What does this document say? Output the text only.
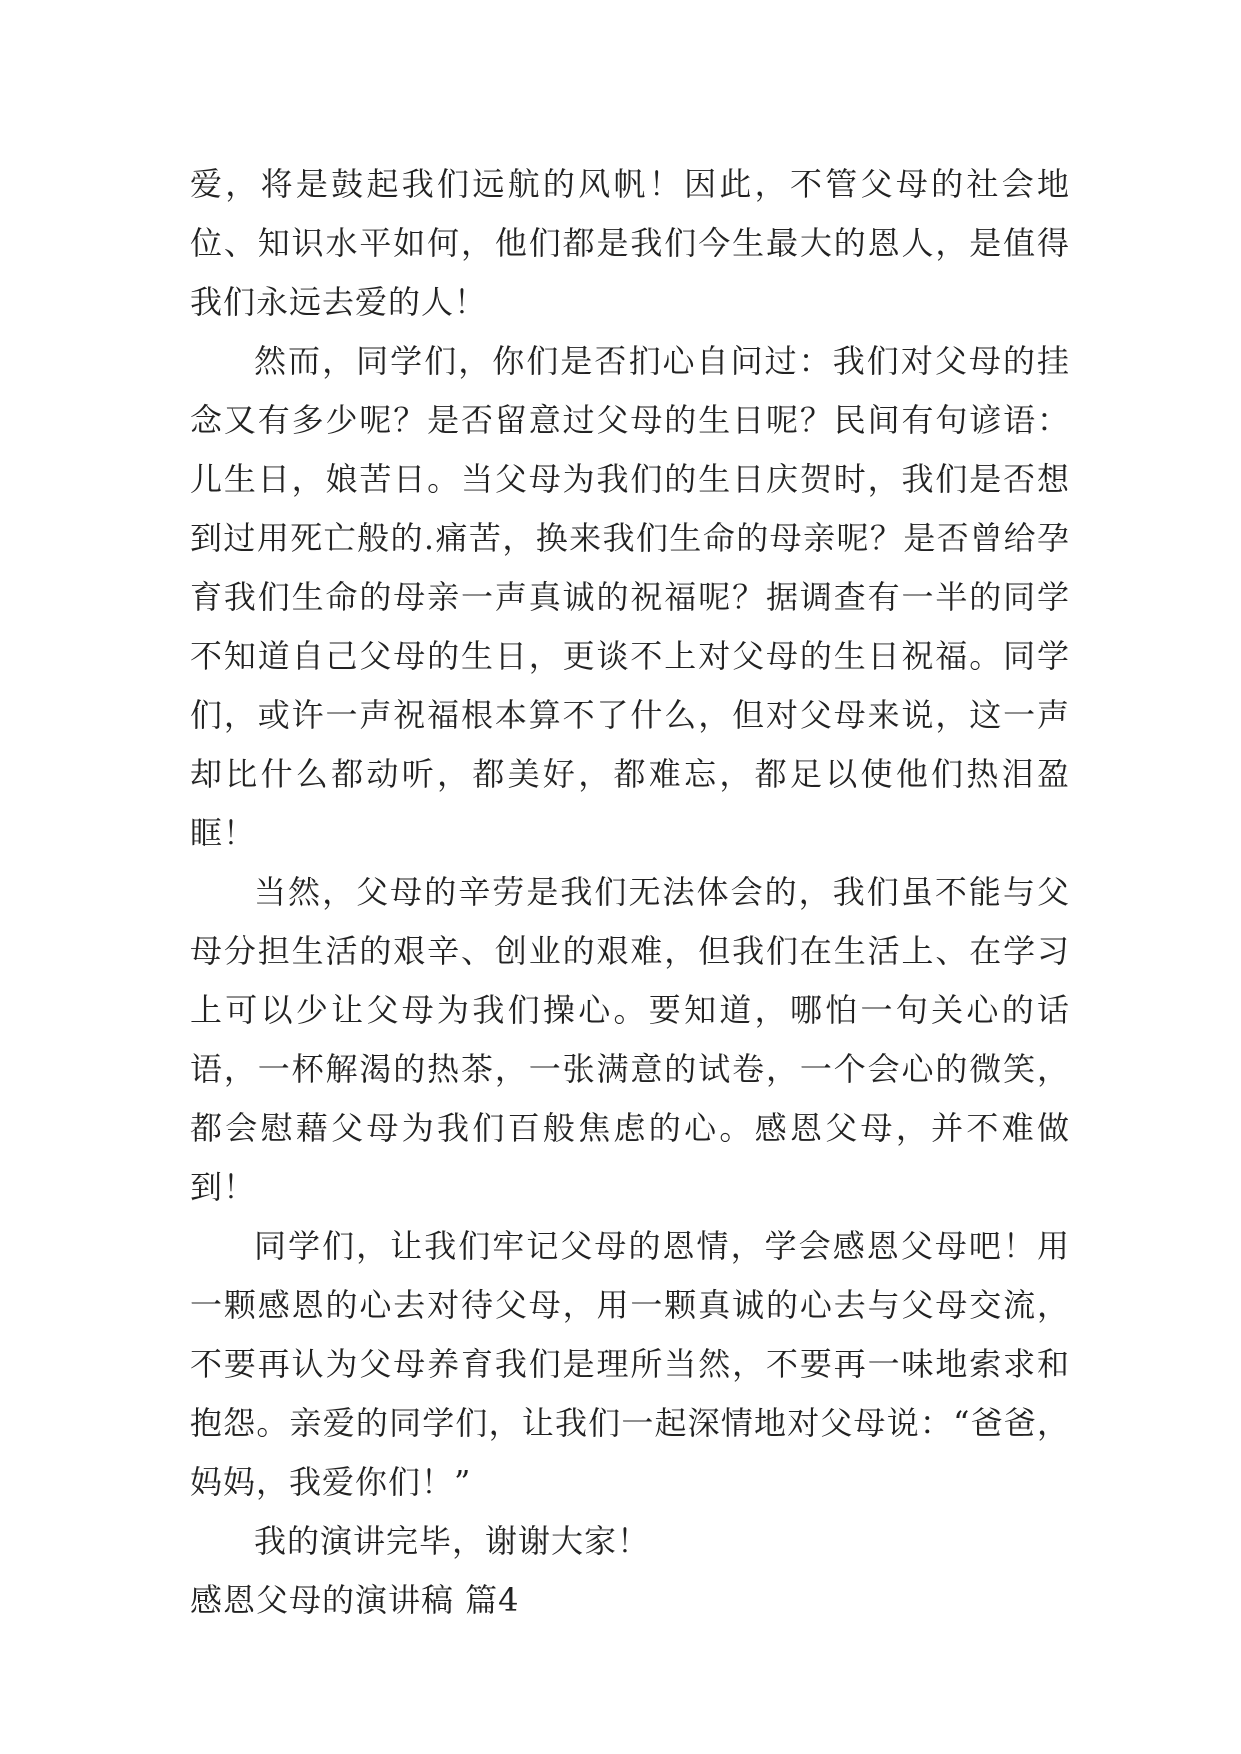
爱，将是鼓起我们远航的风帆！因此，不管父母的社会地位、知识水平如何，他们都是我们今生最大的恩人，是值得我们永远去爱的人！

然而，同学们，你们是否扪心自问过：我们对父母的挂念又有多少呢？是否留意过父母的生日呢？民间有句谚语：儿生日，娘苦日。当父母为我们的生日庆贺时，我们是否想到过用死亡般的.痛苦，换来我们生命的母亲呢？是否曾给孕育我们生命的母亲一声真诚的祝福呢？据调查有一半的同学不知道自己父母的生日，更谈不上对父母的生日祝福。同学们，或许一声祝福根本算不了什么，但对父母来说，这一声却比什么都动听，都美好，都难忘，都足以使他们热泪盈眶！

当然，父母的辛劳是我们无法体会的，我们虽不能与父母分担生活的艰辛、创业的艰难，但我们在生活上、在学习上可以少让父母为我们操心。要知道，哪怕一句关心的话语，一杯解渴的热茶，一张满意的试卷，一个会心的微笑，都会慰藉父母为我们百般焦虑的心。感恩父母，并不难做到！

同学们，让我们牢记父母的恩情，学会感恩父母吧！用一颗感恩的心去对待父母，用一颗真诚的心去与父母交流，不要再认为父母养育我们是理所当然，不要再一味地索求和抱怨。亲爱的同学们，让我们一起深情地对父母说：“爸爸，妈妈，我爱你们！”

我的演讲完毕，谢谢大家！

感恩父母的演讲稿 篇4
